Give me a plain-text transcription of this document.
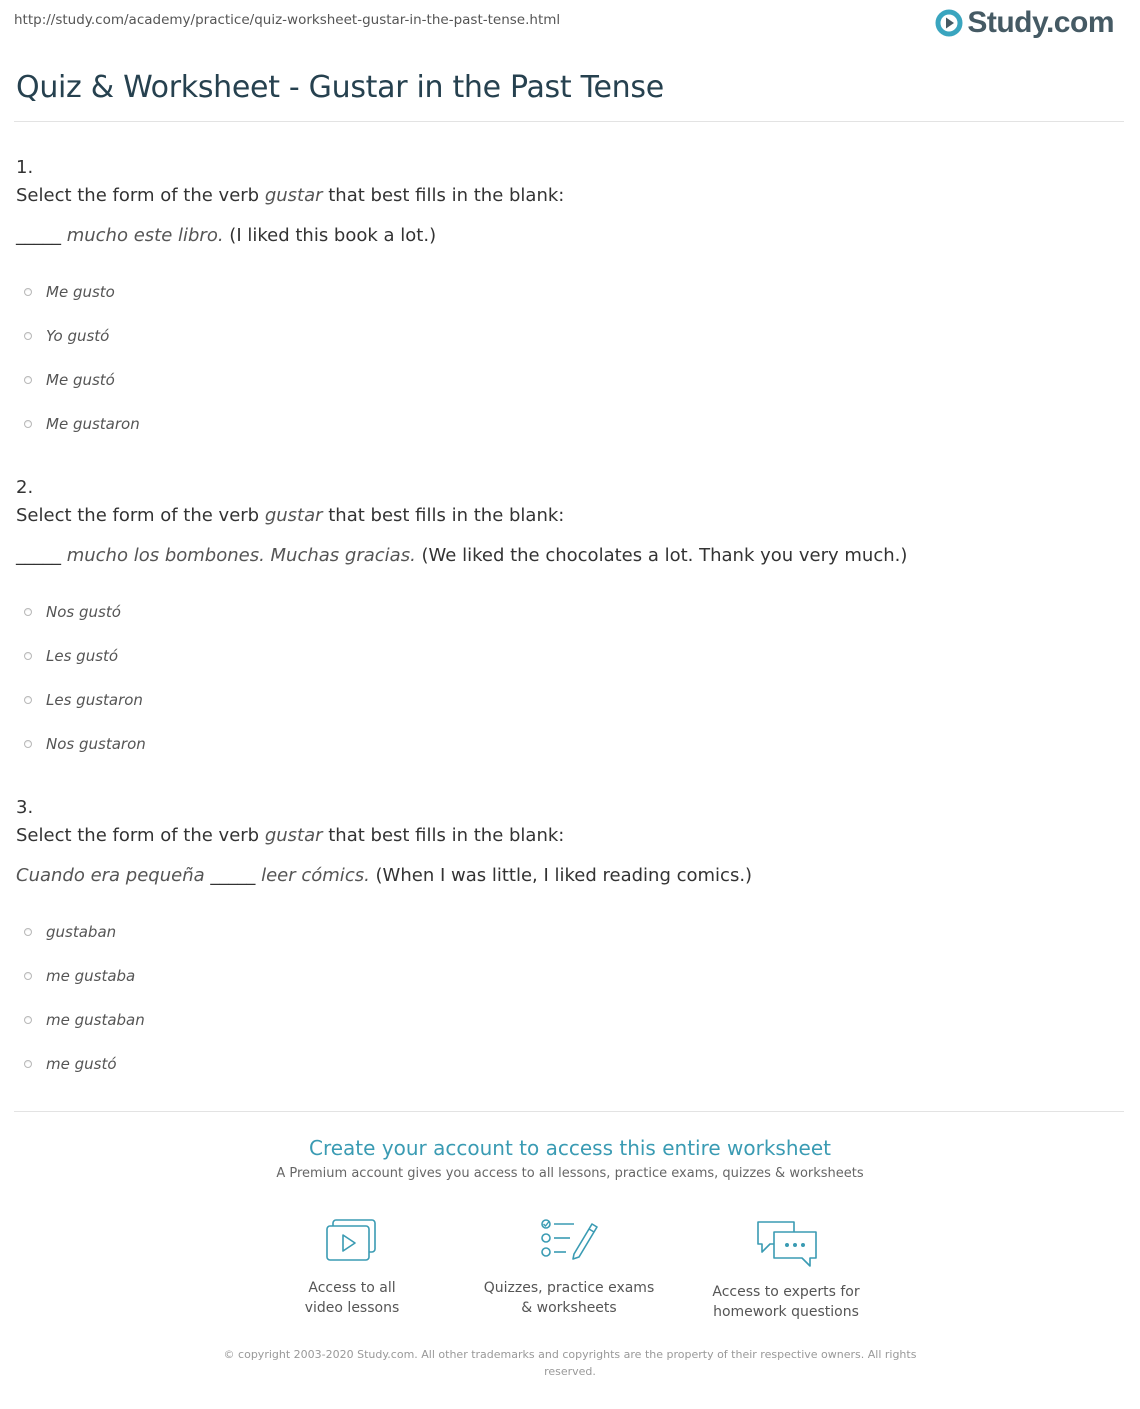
http://study.com/academy/practice/quiz-worksheet-gustar-in-the-past-tense.html	Study.com
Quiz & Worksheet - Gustar in the Past Tense
1.
Select the form of the verb gustar that best fills in the blank:
_____ mucho este libro. (I liked this book a lot.)
Me gusto
Yo gustó
Me gustó
Me gustaron
2.
Select the form of the verb gustar that best fills in the blank:
_____ mucho los bombones. Muchas gracias. (We liked the chocolates a lot. Thank you very much.)
Nos gustó
Les gustó
Les gustaron
Nos gustaron
3.
Select the form of the verb gustar that best fills in the blank:
Cuando era pequeña _____ leer cómics. (When I was little, I liked reading comics.)
gustaban
me gustaba
me gustaban
me gustó
Create your account to access this entire worksheet
A Premium account gives you access to all lessons, practice exams, quizzes & worksheets
Access to all
video lessons
Quizzes, practice exams
& worksheets
Access to experts for
homework questions
© copyright 2003-2020 Study.com. All other trademarks and copyrights are the property of their respective owners. All rights
reserved.
